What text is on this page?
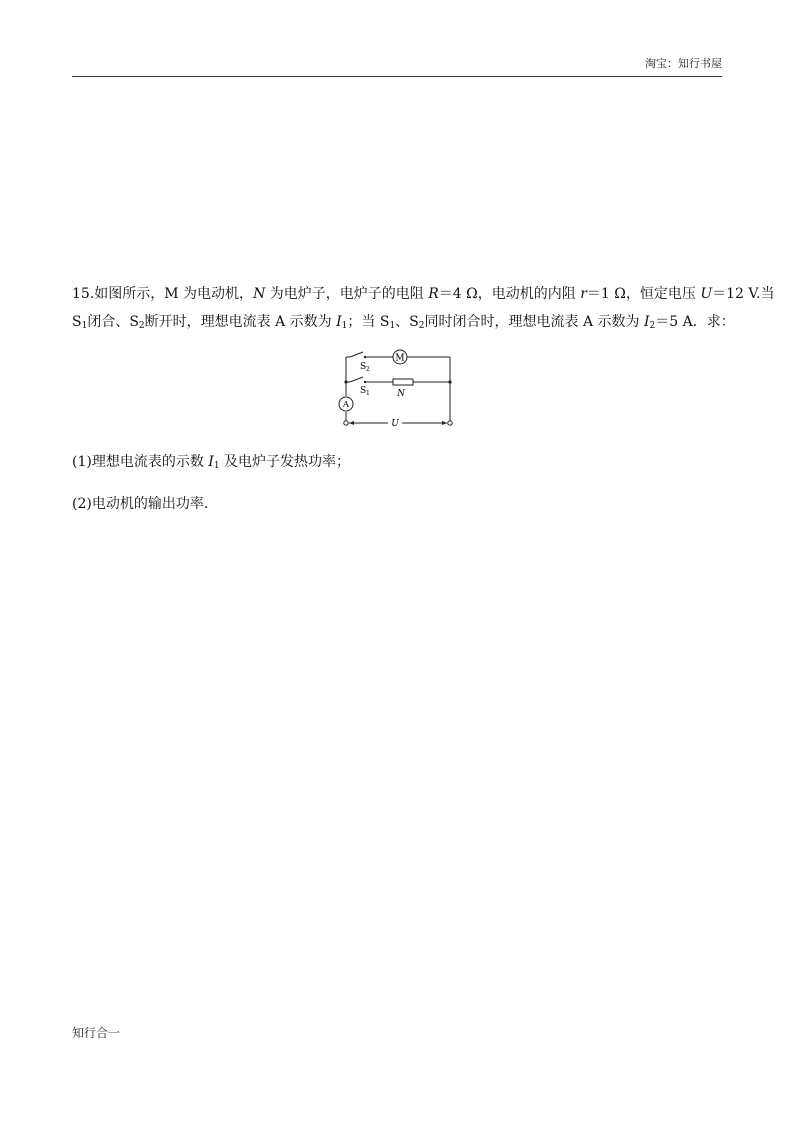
淘宝：知行书屋
15.如图所示，M 为电动机，N 为电炉子，电炉子的电阻 R＝4 Ω，电动机的内阻 r＝1 Ω，恒定电压 U＝12 V.当
$S_1$闭合、$S_2$断开时，理想电流表 A 示数为 $I_1$；当 $S_1$、$S_2$同时闭合时，理想电流表 A 示数为 $I_2=5$ A．求：
M
A
S 2
S 1	N
U
(1)理想电流表的示数 $I_1$ 及电炉子发热功率；
(2)电动机的输出功率．
知行合一
